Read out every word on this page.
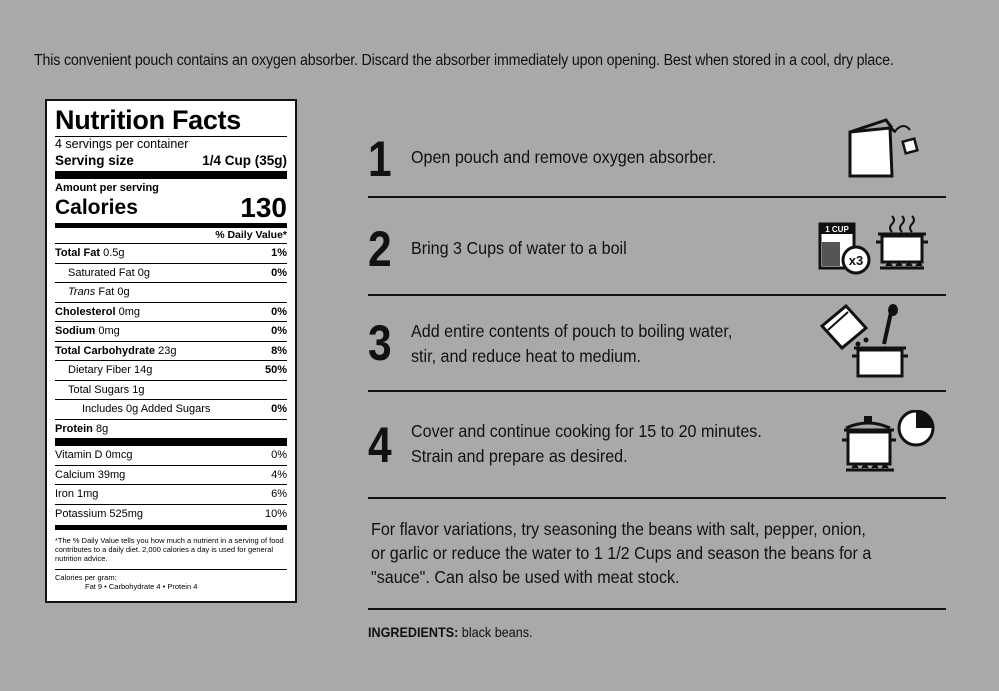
This convenient pouch contains an oxygen absorber. Discard the absorber immediately upon opening. Best when stored in a cool, dry place.
Nutrition Facts
4 servings per container
Serving size	1/4 Cup (35g)
Amount per serving
Calories	130
% Daily Value*
Total Fat 0.5g	1%
Saturated Fat 0g	0%
Trans Fat 0g
Cholesterol 0mg	0%
Sodium 0mg	0%
Total Carbohydrate 23g	8%
Dietary Fiber 14g	50%
Total Sugars 1g
Includes 0g Added Sugars	0%
Protein 8g
Vitamin D 0mcg	0%
Calcium 39mg	4%
Iron 1mg	6%
Potassium 525mg	10%
*The % Daily Value tells you how much a nutrient in a serving of food contributes to a daily diet. 2,000 calories a day is used for general nutrition advice.
Calories per gram:
Fat 9 • Carbohydrate 4 • Protein 4
1 Open pouch and remove oxygen absorber.
2 Bring 3 Cups of water to a boil
1 CUP
x3
3 Add entire contents of pouch to boiling water,
stir, and reduce heat to medium.
4 Cover and continue cooking for 15 to 20 minutes.
Strain and prepare as desired.
For flavor variations, try seasoning the beans with salt, pepper, onion,
or garlic or reduce the water to 1 1/2 Cups and season the beans for a
"sauce". Can also be used with meat stock.
INGREDIENTS: black beans.
